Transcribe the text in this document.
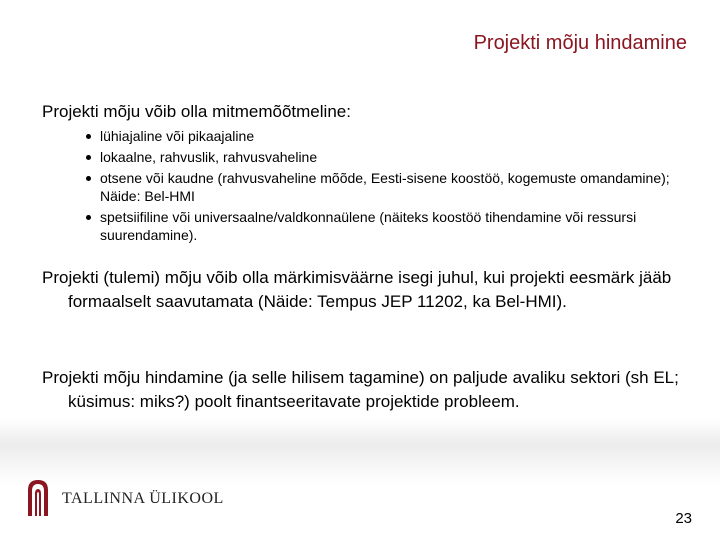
Projekti mõju hindamine
Projekti mõju võib olla mitmemõõtmeline:
lühiajaline või pikaajaline
lokaalne, rahvuslik, rahvusvaheline
otsene või kaudne (rahvusvaheline mõõde, Eesti-sisene koostöö, kogemuste omandamine); Näide: Bel-HMI
spetsiifiline või universaalne/valdkonnaülene (näiteks koostöö tihendamine või ressursi suurendamine).
Projekti (tulemi) mõju võib olla märkimisväärne isegi juhul, kui projekti eesmärk jääb formaalselt saavutamata (Näide: Tempus JEP 11202, ka Bel-HMI).
Projekti mõju hindamine (ja selle hilisem tagamine) on paljude avaliku sektori (sh EL; küsimus: miks?) poolt finantseeritavate projektide probleem.
TALLINNA ÜLIKOOL
23
